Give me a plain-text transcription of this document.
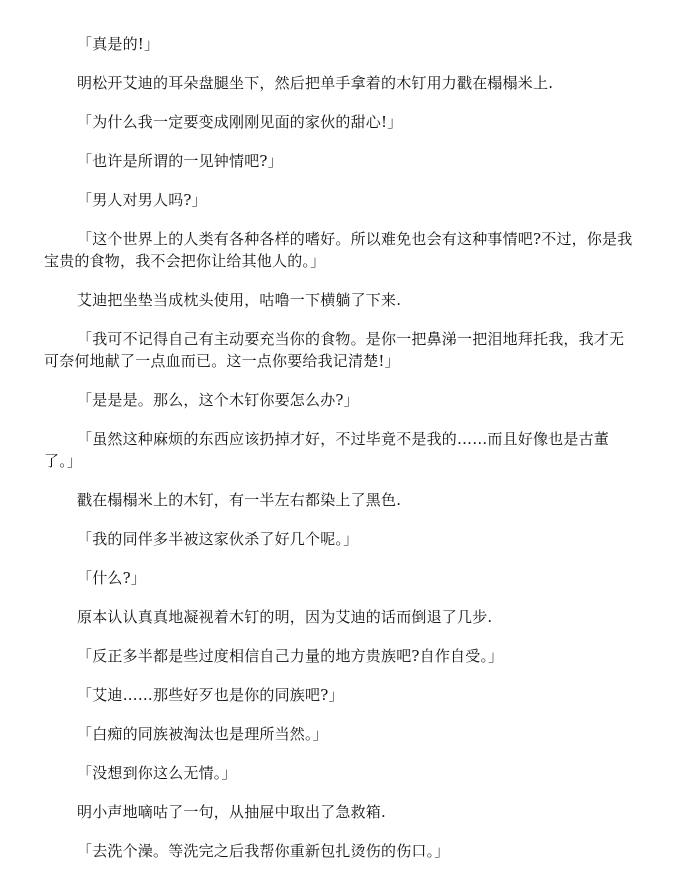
「真是的!」

明松开艾迪的耳朵盘腿坐下，然后把单手拿着的木钉用力戳在榻榻米上.

「为什么我一定要变成刚刚见面的家伙的甜心!」

「也许是所谓的一见钟情吧?」

「男人对男人吗?」

「这个世界上的人类有各种各样的嗜好。所以难免也会有这种事情吧?不过，你是我宝贵的食物，我不会把你让给其他人的。」

艾迪把坐垫当成枕头使用，咕噜一下横躺了下来.

「我可不记得自己有主动要充当你的食物。是你一把鼻涕一把泪地拜托我，我才无可奈何地献了一点血而已。这一点你要给我记清楚!」

「是是是。那么，这个木钉你要怎么办?」

「虽然这种麻烦的东西应该扔掉才好，不过毕竟不是我的……而且好像也是古董了。」

戳在榻榻米上的木钉，有一半左右都染上了黑色.

「我的同伴多半被这家伙杀了好几个呢。」

「什么?」

原本认认真真地凝视着木钉的明，因为艾迪的话而倒退了几步.

「反正多半都是些过度相信自己力量的地方贵族吧?自作自受。」

「艾迪……那些好歹也是你的同族吧?」

「白痴的同族被淘汰也是理所当然。」

「没想到你这么无情。」

明小声地嘀咕了一句，从抽屉中取出了急救箱.

「去洗个澡。等洗完之后我帮你重新包扎烫伤的伤口。」
